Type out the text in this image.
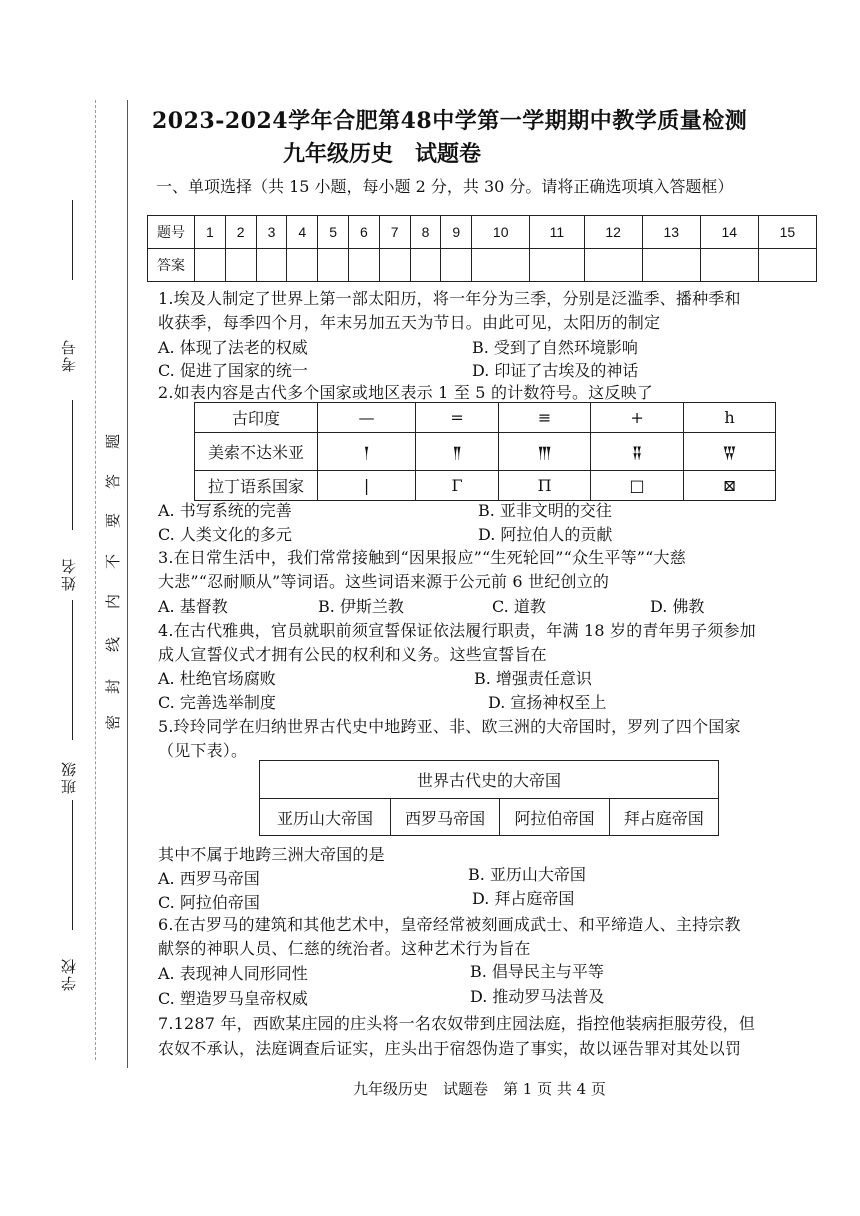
考号
姓名
班级
学校
密
封
线
内
不
要
答
题
2023-2024学年合肥第48中学第一学期期中教学质量检测
九年级历史　试题卷
一、单项选择（共 15 小题，每小题 2 分，共 30 分。请将正确选项填入答题框）
题号	1	2	3	4	5	6	7	8	9	10	11	12	13	14	15
答案															
1.埃及人制定了世界上第一部太阳历，将一年分为三季，分别是泛滥季、播种季和
收获季，每季四个月，年末另加五天为节日。由此可见，太阳历的制定
A. 体现了法老的权威	B. 受到了自然环境影响
C. 促进了国家的统一	D. 印证了古埃及的神话
2.如表内容是古代多个国家或地区表示 1 至 5 的计数符号。这反映了
古印度	—	=	≡	+	h
美索不达米亚	𒁹	𒈫	𒐈	𒐉	𒐊
拉丁语系国家	|	Γ	П	□	⊠
A. 书写系统的完善	B. 亚非文明的交往
C. 人类文化的多元	D. 阿拉伯人的贡献
3.在日常生活中，我们常常接触到“因果报应”“生死轮回”“众生平等”“大慈
大悲”“忍耐顺从”等词语。这些词语来源于公元前 6 世纪创立的
A. 基督教	B. 伊斯兰教	C. 道教	D. 佛教
4.在古代雅典，官员就职前须宣誓保证依法履行职责，年满 18 岁的青年男子须参加
成人宣誓仪式才拥有公民的权利和义务。这些宣誓旨在
A. 杜绝官场腐败	B. 增强责任意识
C. 完善选举制度	D. 宣扬神权至上
5.玲玲同学在归纳世界古代史中地跨亚、非、欧三洲的大帝国时，罗列了四个国家
（见下表）。
世界古代史的大帝国
亚历山大帝国	西罗马帝国	阿拉伯帝国	拜占庭帝国
其中不属于地跨三洲大帝国的是
A. 西罗马帝国	B. 亚历山大帝国
C. 阿拉伯帝国	D. 拜占庭帝国
6.在古罗马的建筑和其他艺术中，皇帝经常被刻画成武士、和平缔造人、主持宗教
献祭的神职人员、仁慈的统治者。这种艺术行为旨在
A. 表现神人同形同性	B. 倡导民主与平等
C. 塑造罗马皇帝权威	D. 推动罗马法普及
7.1287 年，西欧某庄园的庄头将一名农奴带到庄园法庭，指控他装病拒服劳役，但
农奴不承认，法庭调查后证实，庄头出于宿怨伪造了事实，故以诬告罪对其处以罚
九年级历史　试题卷　第 1 页 共 4 页
